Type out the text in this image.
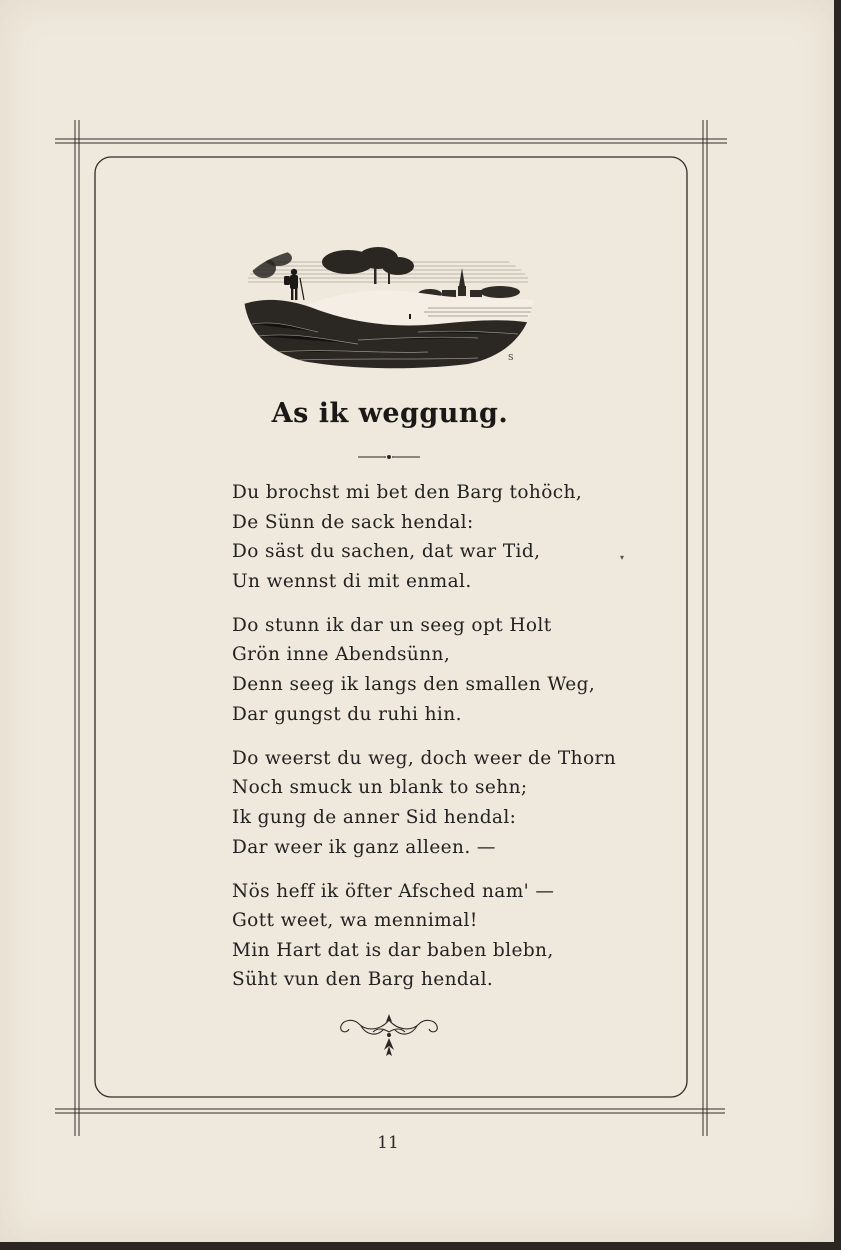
S
As ik weggung.
Du brochst mi bet den Barg tohöch,
De Sünn de sack hendal:
Do säst du sachen, dat war Tid,
Un wennst di mit enmal.
Do stunn ik dar un seeg opt Holt
Grön inne Abendsünn,
Denn seeg ik langs den smallen Weg,
Dar gungst du ruhi hin.
Do weerst du weg, doch weer de Thorn
Noch smuck un blank to sehn;
Ik gung de anner Sid hendal:
Dar weer ik ganz alleen. —
Nös heff ik öfter Afsched nam' —
Gott weet, wa mennimal!
Min Hart dat is dar baben blebn,
Süht vun den Barg hendal.
▾
11
